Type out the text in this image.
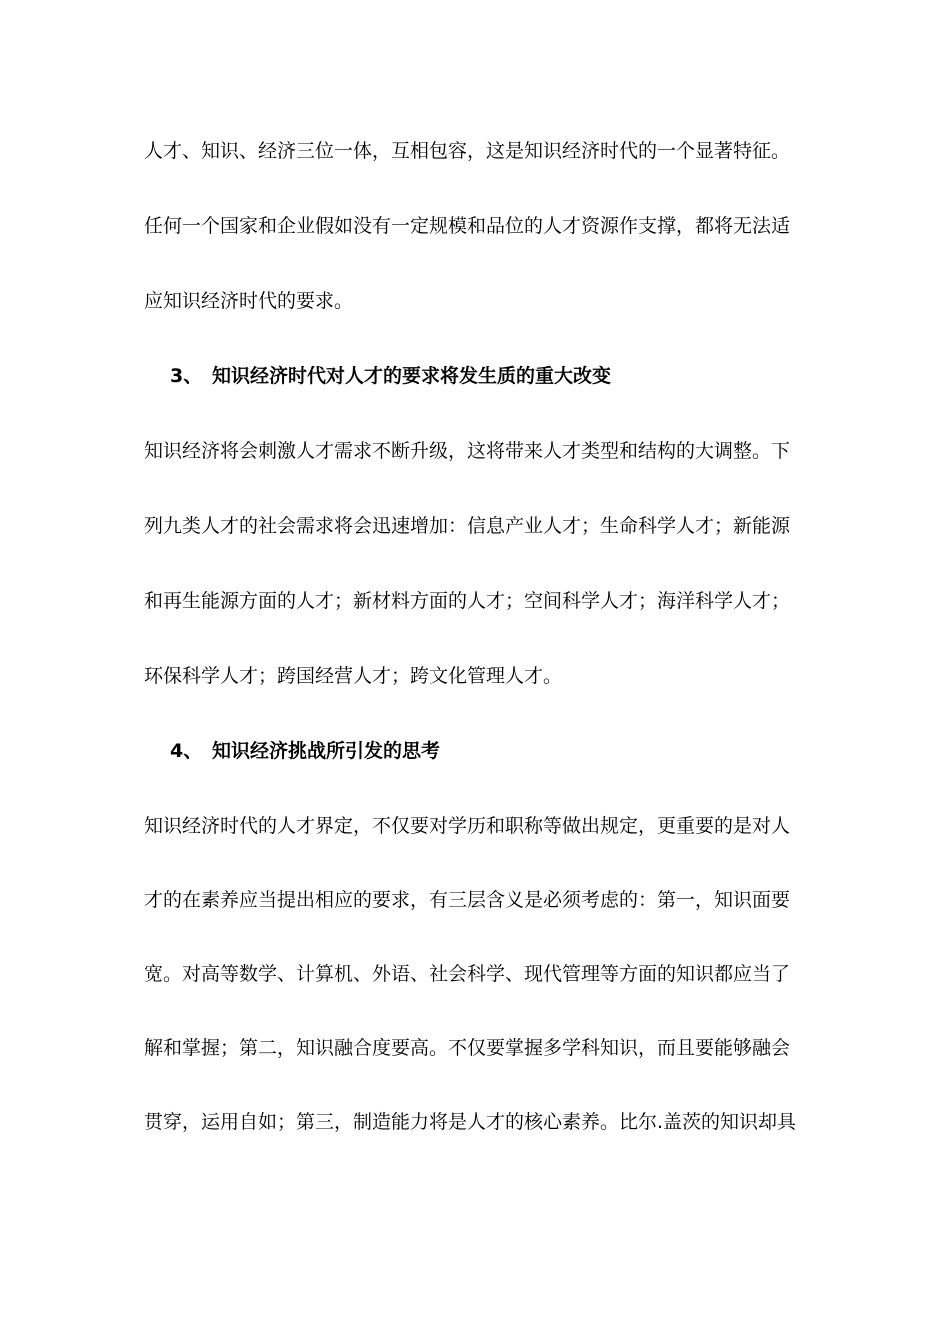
人才、知识、经济三位一体，互相包容，这是知识经济时代的一个显著特征。
任何一个国家和企业假如没有一定规模和品位的人才资源作支撑，都将无法适
应知识经济时代的要求。
3、 知识经济时代对人才的要求将发生质的重大改变
知识经济将会刺激人才需求不断升级，这将带来人才类型和结构的大调整。下
列九类人才的社会需求将会迅速增加：信息产业人才；生命科学人才；新能源
和再生能源方面的人才；新材料方面的人才；空间科学人才；海洋科学人才；
环保科学人才；跨国经营人才；跨文化管理人才。
4、 知识经济挑战所引发的思考
知识经济时代的人才界定，不仅要对学历和职称等做出规定，更重要的是对人
才的在素养应当提出相应的要求，有三层含义是必须考虑的：第一，知识面要
宽。对高等数学、计算机、外语、社会科学、现代管理等方面的知识都应当了
解和掌握；第二，知识融合度要高。不仅要掌握多学科知识，而且要能够融会
贯穿，运用自如；第三，制造能力将是人才的核心素养。比尔.盖茨的知识却具
